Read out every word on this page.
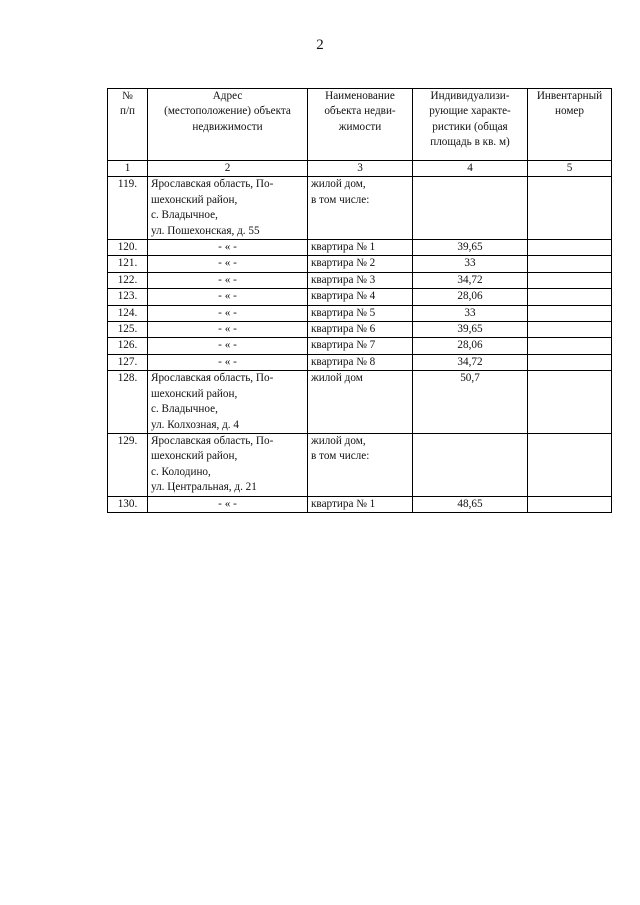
2
№
п/п	Адрес
(местоположение) объекта
недвижимости	Наименование
объекта недви-
жимости	Индивидуализи-
рующие характе-
ристики (общая
площадь в кв. м)	Инвентарный
номер
1	2	3	4	5
119.	Ярославская область, По-
шехонский район,
с. Владычное,
ул. Пошехонская, д. 55	жилой дом,
в том числе:		
120.	- « -	квартира № 1	39,65	
121.	- « -	квартира № 2	33	
122.	- « -	квартира № 3	34,72	
123.	- « -	квартира № 4	28,06	
124.	- « -	квартира № 5	33	
125.	- « -	квартира № 6	39,65	
126.	- « -	квартира № 7	28,06	
127.	- « -	квартира № 8	34,72	
128.	Ярославская область, По-
шехонский район,
с. Владычное,
ул. Колхозная, д. 4	жилой дом	50,7	
129.	Ярославская область, По-
шехонский район,
с. Колодино,
ул. Центральная, д. 21	жилой дом,
в том числе:		
130.	- « -	квартира № 1	48,65	
